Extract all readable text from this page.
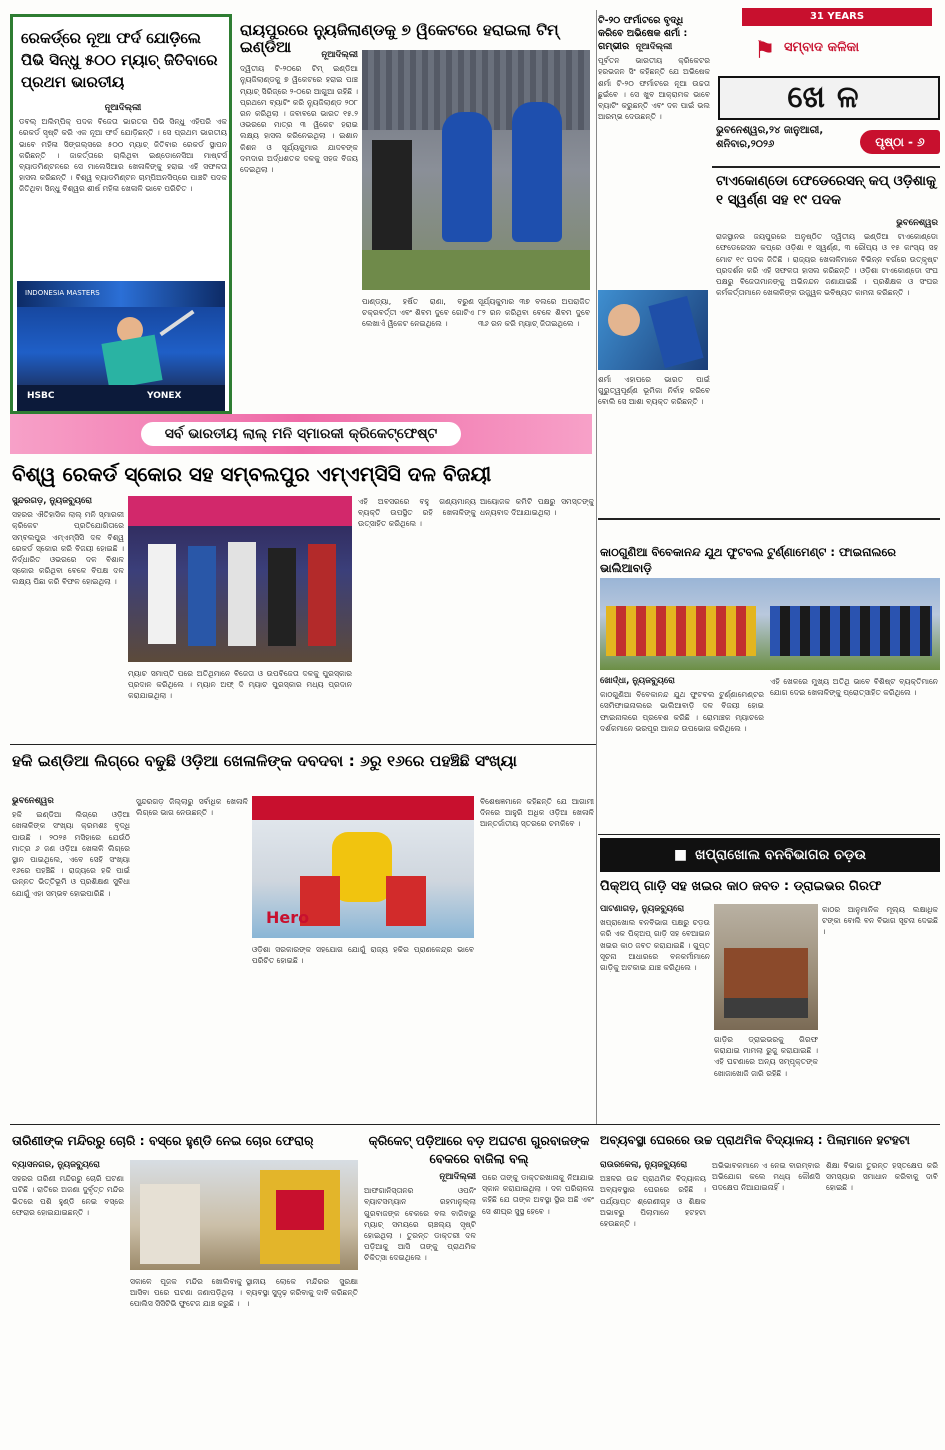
31 YEARS
⚑ ସମ୍ବାଦ କଳିକା
ଖେଳ
ଭୁବନେଶ୍ୱର,୨୪ ଜାନୁଆରୀ,
ଶନିବାର,୨୦୨୬	ପୃଷ୍ଠା - ୬
ରେକର୍ଡ୍ରେ ନୂଆ ଫର୍ଦ ଯୋଡ଼ିଲେ ପିଭି ସିନ୍ଧୁ ୫୦୦ ମ୍ୟାଚ୍ ଜିତିବାରେ ପ୍ରଥମ ଭାରତୀୟ
ନୂଆଦିଲ୍ଲୀ

ଡବଲ୍ ଅଲିମ୍ପିକ୍ ପଦକ ବିଜେତା ଭାରତର ପିଭି ସିନ୍ଧୁ ଏହିପରି ଏକ ରେକର୍ଡ ସୃଷ୍ଟି କରି ଏକ ନୂଆ ଫର୍ଦ ଯୋଡ଼ିଛନ୍ତି । ସେ ପ୍ରଥମ ଭାରତୀୟ ଭାବେ ମହିଳା ସିଙ୍ଗଲ୍ସରେ ୫୦୦ ମ୍ୟାଚ୍ ଜିତିବାର ରେକର୍ଡ ସ୍ଥାପନ କରିଛନ୍ତି । ଜାକର୍ତ୍ତାରେ ଚାଲିଥିବା ଇଣ୍ଡୋନେସିଆ ମାଷ୍ଟର୍ସ ବ୍ୟାଡମିଣ୍ଟନରେ ସେ ମାଲେସିଆର ଖେଳାଳିଙ୍କୁ ହରାଇ ଏହି ସଫଳତା ହାସଲ କରିଛନ୍ତି । ବିଶ୍ୱ ବ୍ୟାଡମିଣ୍ଟନ ଚାମ୍ପିଅନସିପ୍ରେ ପାଞ୍ଚଟି ପଦକ ଜିତିଥିବା ସିନ୍ଧୁ ବିଶ୍ୱର ଶୀର୍ଷ ମହିଳା ଖେଳାଳି ଭାବେ ପରିଚିତ ।

INDONESIA MASTERS
HSBC	YONEX
ରାୟପୁରରେ ନ୍ୟୁଜିଲାଣ୍ଡକୁ ୭ ୱିକେଟରେ ହରାଇଲା ଟିମ୍ ଇଣ୍ଡିଆ	ନୂଆଦିଲ୍ଲୀ

ଦ୍ୱିତୀୟ ଟି-୨୦ରେ ଟିମ୍ ଇଣ୍ଡିଆ ନ୍ୟୁଜିଲାଣ୍ଡକୁ ୭ ୱିକେଟରେ ହରାଇ ପାଞ୍ଚ ମ୍ୟାଚ୍ ସିରିଜ୍ରେ ୨-୦ରେ ଆଗୁଆ ରହିଛି । ପ୍ରଥମେ ବ୍ୟାଟିଂ କରି ନ୍ୟୁଜିଲାଣ୍ଡ ୨୦୮ ରନ କରିଥିଲା । ଜବାବରେ ଭାରତ ୧୫.୨ ଓଭରରେ ମାତ୍ର ୩ ୱିକେଟ ହରାଇ ଲକ୍ଷ୍ୟ ହାସଲ କରିନେଇଥିଲା । ଇଶାନ କିଶନ ଓ ସୂର୍ଯ୍ୟକୁମାର ଯାଦବଙ୍କ ଦମଦାର ଅର୍ଦ୍ଧଶତକ ଦଳକୁ ସହଜ ବିଜୟ ଦେଇଥିଲା ।

ପାଣ୍ଡ୍ୟା, ହର୍ଷିତ ରାଣା, ବରୁଣ ଚକ୍ରବର୍ତ୍ତୀ ଏବଂ ଶିବମ ଦୁବେ ଗୋଟିଏ ଲେଖାଏଁ ୱିକେଟ ନେଇଥିଲେ ।

ସୂର୍ଯ୍ୟକୁମାର ୩୭ ବଲରେ ଅପରାଜିତ ୮୨ ରନ କରିଥିବା ବେଳେ ଶିବମ ଦୁବେ ୩୬ ରନ କରି ମ୍ୟାଚ୍ ଜିତାଇଥିଲେ ।

ଟି-୨୦ ଫର୍ମାଟରେ ବୃଦ୍ଧି କରିବେ ଅଭିଷେକ ଶର୍ମା : ଗମ୍ଭୀର ନୂଆଦିଲ୍ଲୀ

ପୂର୍ବତନ ଭାରତୀୟ କ୍ରିକେଟର ହରଭଜନ ସିଂ କହିଛନ୍ତି ଯେ ଅଭିଷେକ ଶର୍ମା ଟି-୨୦ ଫର୍ମାଟରେ ନୂଆ ଉଚ୍ଚତା ଛୁଇଁବେ । ସେ ଖୁବ ଆକ୍ରାମକ ଭାବେ ବ୍ୟାଟିଂ କରୁଛନ୍ତି ଏବଂ ଦଳ ପାଇଁ ଭଲ ଆରମ୍ଭ ଦେଉଛନ୍ତି ।

ଶର୍ମା ଏହାପରେ ଭାରତ ପାଇଁ ଗୁରୁତ୍ୱପୂର୍ଣ୍ଣ ଭୂମିକା ନିର୍ବାହ କରିବେ ବୋଲି ସେ ଆଶା ବ୍ୟକ୍ତ କରିଛନ୍ତି ।

ଟାଏକୋଣ୍ଡୋ ଫେଡେରେସନ୍ କପ୍ ଓଡ଼ିଶାକୁ ୧ ସ୍ୱର୍ଣ୍ଣ ସହ ୧୯ ପଦକ
ଭୁବନେଶ୍ୱର

ରାଜସ୍ଥାନର ଜୟପୁରରେ ଅନୁଷ୍ଠିତ ଦ୍ୱିତୀୟ ଇଣ୍ଡିଆ ଟାଏକୋଣ୍ଡୋ ଫେଡେରେସନ କପ୍ରେ ଓଡ଼ିଶା ୧ ସ୍ୱର୍ଣ୍ଣ, ୩ ରୌପ୍ୟ ଓ ୧୫ କାଂସ୍ୟ ସହ ମୋଟ ୧୯ ପଦକ ଜିତିଛି । ରାଜ୍ୟର ଖେଳାଳିମାନେ ବିଭିନ୍ନ ବର୍ଗରେ ଉତ୍କୃଷ୍ଟ ପ୍ରଦର୍ଶନ କରି ଏହି ସଫଳତା ହାସଲ କରିଛନ୍ତି । ଓଡ଼ିଶା ଟାଏକୋଣ୍ଡୋ ସଂଘ ପକ୍ଷରୁ ବିଜେତାମାନଙ୍କୁ ଅଭିନନ୍ଦନ ଜଣାଯାଇଛି । ପ୍ରଶିକ୍ଷକ ଓ ସଂଘର କର୍ମକର୍ତ୍ତାମାନେ ଖେଳାଳିଙ୍କ ଉଜ୍ଜ୍ୱଳ ଭବିଷ୍ୟତ କାମନା କରିଛନ୍ତି ।

ସର୍ବ ଭାରତୀୟ ଲାଲ୍ ମନି ସ୍ମାରକୀ କ୍ରିକେଟ୍ଫେଷ୍ଟ
ବିଶ୍ୱ ରେକର୍ଡ ସ୍କୋର ସହ ସମ୍ବଲପୁର ଏମ୍ଏମ୍ସିସି ଦଳ ବିଜୟୀ
ସୁନ୍ଦରଗଡ଼, ନ୍ୟୁଜବ୍ୟୁରୋ

ସହରର ଐତିହାସିକ ଲାଲ୍ ମନି ସ୍ମାରକୀ କ୍ରିକେଟ ପ୍ରତିଯୋଗିତାରେ ସମ୍ବଲପୁର ଏମ୍ଏମ୍ସିସି ଦଳ ବିଶ୍ୱ ରେକର୍ଡ ସ୍କୋର କରି ବିଜୟୀ ହୋଇଛି । ନିର୍ଦ୍ଧାରିତ ଓଭରରେ ଦଳ ବିଶାଳ ସ୍କୋର କରିଥିବା ବେଳେ ବିପକ୍ଷ ଦଳ ଲକ୍ଷ୍ୟ ପିଛା କରି ବିଫଳ ହୋଇଥିଲା ।

ମ୍ୟାଚ ସମାପ୍ତି ପରେ ଅତିଥିମାନେ ବିଜେତା ଓ ଉପବିଜେତା ଦଳକୁ ପୁରସ୍କାର ପ୍ରଦାନ କରିଥିଲେ । ମ୍ୟାନ ଅଫ୍ ଦି ମ୍ୟାଚ ପୁରସ୍କାର ମଧ୍ୟ ପ୍ରଦାନ କରାଯାଇଥିଲା ।

ଏହି ଅବସରରେ ବହୁ ଗଣ୍ୟମାନ୍ୟ ବ୍ୟକ୍ତି ଉପସ୍ଥିତ ରହି ଖେଳାଳିଙ୍କୁ ଉତ୍ସାହିତ କରିଥିଲେ ।

ଆୟୋଜକ କମିଟି ପକ୍ଷରୁ ସମସ୍ତଙ୍କୁ ଧନ୍ୟବାଦ ଦିଆଯାଇଥିଲା ।

କାଠଗୁଣିଆ ବିବେକାନନ୍ଦ ଯୁଥ ଫୁଟବଲ ଟୁର୍ଣ୍ଣାମେଣ୍ଟ : ଫାଇନାଲରେ ଭାଲିଆବାଡ଼ି
ଖୋର୍ଦ୍ଧା, ନ୍ୟୁଜବ୍ୟୁରୋ

କାଠଗୁଣିଆ ବିବେକାନନ୍ଦ ଯୁଥ ଫୁଟବଲ ଟୁର୍ଣ୍ଣାମେଣ୍ଟର ସେମିଫାଇନାଲରେ ଭାଲିଆବାଡ଼ି ଦଳ ବିଜୟୀ ହୋଇ ଫାଇନାଲରେ ପ୍ରବେଶ କରିଛି । ରୋମାଞ୍ଚକ ମ୍ୟାଚରେ ଦର୍ଶକମାନେ ଭରପୂର ଆନନ୍ଦ ଉପଭୋଗ କରିଥିଲେ ।

ଏହି ଖେଳରେ ମୁଖ୍ୟ ଅତିଥି ଭାବେ ବିଶିଷ୍ଟ ବ୍ୟକ୍ତିମାନେ ଯୋଗ ଦେଇ ଖେଳାଳିଙ୍କୁ ପ୍ରୋତ୍ସାହିତ କରିଥିଲେ ।

ହକି ଇଣ୍ଡିଆ ଲିଗ୍ରେ ବଢୁଛି ଓଡ଼ିଆ ଖେଳାଳିଙ୍କ ଦବଦବା : ୬ରୁ ୧୬ରେ ପହଞ୍ଚିଛି ସଂଖ୍ୟା
ଭୁବନେଶ୍ୱର

ହକି ଇଣ୍ଡିଆ ଲିଗ୍ରେ ଓଡ଼ିଆ ଖେଳାଳିଙ୍କ ସଂଖ୍ୟା କ୍ରମଶଃ ବୃଦ୍ଧି ପାଉଛି । ୨୦୨୫ ମସିହାରେ ଯେଉଁଠି ମାତ୍ର ୬ ଜଣ ଓଡ଼ିଆ ଖେଳାଳି ଲିଗ୍ରେ ସ୍ଥାନ ପାଇଥିଲେ, ଏବେ ସେହି ସଂଖ୍ୟା ୧୬ରେ ପହଞ୍ଚିଛି । ରାଜ୍ୟରେ ହକି ପାଇଁ ଉନ୍ନତ ଭିତ୍ତିଭୂମି ଓ ପ୍ରଶିକ୍ଷଣ ସୁବିଧା ଯୋଗୁଁ ଏହା ସମ୍ଭବ ହୋଇପାରିଛି ।

ସୁନ୍ଦରଗଡ଼ ଜିଲ୍ଲାରୁ ସର୍ବାଧିକ ଖେଳାଳି ଲିଗ୍ରେ ଭାଗ ନେଉଛନ୍ତି ।

Hero

ଓଡ଼ିଶା ସରକାରଙ୍କ ସହଯୋଗ ଯୋଗୁଁ ରାଜ୍ୟ ହକିର ପ୍ରାଣକେନ୍ଦ୍ର ଭାବେ ପରିଚିତ ହୋଇଛି ।

ବିଶେଷଜ୍ଞମାନେ କହିଛନ୍ତି ଯେ ଆଗାମୀ ଦିନରେ ଆହୁରି ଅଧିକ ଓଡ଼ିଆ ଖେଳାଳି ଆନ୍ତର୍ଜାତୀୟ ସ୍ତରରେ ଚମକିବେ ।

■ ଖପ୍ରାଖୋଲ ବନବିଭାଗର ଚଡ଼ଉ
ପିକ୍ଅପ୍ ଗାଡ଼ି ସହ ଖଇର କାଠ ଜବତ : ଡ୍ରାଇଭର ଗିରଫ
ପାଟଣାଗଡ଼, ନ୍ୟୁଜବ୍ୟୁରୋ

ଖପ୍ରାଖୋଲ ବନବିଭାଗ ପକ୍ଷରୁ ଚଡ଼ଉ କରି ଏକ ପିକ୍ଅପ୍ ଗାଡ଼ି ସହ ବେଆଇନ ଖଇର କାଠ ଜବତ କରାଯାଇଛି । ଗୁପ୍ତ ସୂଚନା ଆଧାରରେ ବନକର୍ମୀମାନେ ଗାଡ଼ିକୁ ଅଟକାଇ ଯାଞ୍ଚ କରିଥିଲେ ।

ଗାଡ଼ିର ଡ୍ରାଇଭରକୁ ଗିରଫ କରାଯାଇ ମାମଲା ରୁଜୁ କରାଯାଇଛି । ଏହି ଘଟଣାରେ ଅନ୍ୟ ସମ୍ପୃକ୍ତଙ୍କ ଖୋଜାଖୋଜି ଜାରି ରହିଛି ।

କାଠର ଆନୁମାନିକ ମୂଲ୍ୟ ଲକ୍ଷାଧିକ ଟଙ୍କା ବୋଲି ବନ ବିଭାଗ ସୂଚନା ଦେଇଛି ।

ତାରିଣୀଙ୍କ ମନ୍ଦିରରୁ ଚୋରି : ବସ୍ରେ ହୁଣ୍ଡି ନେଇ ଚୋର ଫେରାର୍
ବ୍ୟାସନଗର, ନ୍ୟୁଜବ୍ୟୁରୋ

ସହରର ତାରିଣୀ ମନ୍ଦିରରୁ ଚୋରି ଘଟଣା ଘଟିଛି । ରାତିରେ ଅଜଣା ଦୁର୍ବୃତ୍ତ ମନ୍ଦିର ଭିତରେ ପଶି ହୁଣ୍ଡି ନେଇ ବସ୍ରେ ଫେରାର ହୋଇଯାଇଛନ୍ତି ।

ସକାଳେ ପୂଜକ ମନ୍ଦିର ଖୋଲିବାକୁ ଆସିବା ପରେ ଘଟଣା ଜଣାପଡ଼ିଥିଲା । ପୋଲିସ ସିସିଟିଭି ଫୁଟେଜ ଯାଞ୍ଚ କରୁଛି ।

ସ୍ଥାନୀୟ ଲୋକେ ମନ୍ଦିରର ସୁରକ୍ଷା ବ୍ୟବସ୍ଥା ସୁଦୃଢ଼ କରିବାକୁ ଦାବି କରିଛନ୍ତି ।

କ୍ରିକେଟ୍ ପଡ଼ିଆରେ ବଡ଼ ଅଘଟଣ ଗୁରବାଜଙ୍କ ବେକରେ ବାଜିଲା ବଲ୍
ନୂଆଦିଲ୍ଲୀ

ଆଫଗାନିସ୍ତାନର ଓପନିଂ ବ୍ୟାଟସମ୍ୟାନ ରହମାନୁଲ୍ଲା ଗୁରବାଜଙ୍କ ବେକରେ ବଲ ବାଜିବାରୁ ମ୍ୟାଚ୍ ସମୟରେ ଚାଞ୍ଚଲ୍ୟ ସୃଷ୍ଟି ହୋଇଥିଲା । ତୁରନ୍ତ ଡାକ୍ତରୀ ଦଳ ପଡ଼ିଆକୁ ଆସି ତାଙ୍କୁ ପ୍ରାଥମିକ ଚିକିତ୍ସା ଦେଇଥିଲେ ।

ପରେ ତାଙ୍କୁ ଡାକ୍ତରଖାନାକୁ ନିଆଯାଇ ସ୍କାନ କରାଯାଇଥିଲା । ଦଳ ପରିଚାଳନା କହିଛି ଯେ ତାଙ୍କ ଅବସ୍ଥା ସ୍ଥିର ଅଛି ଏବଂ ସେ ଶୀଘ୍ର ସୁସ୍ଥ ହେବେ ।

ଅବ୍ୟବସ୍ଥା ଘେରରେ ଉଚ୍ଚ ପ୍ରାଥମିକ ବିଦ୍ୟାଳୟ : ପିଲାମାନେ ହଟହଟା
ରାଉରକେଲା, ନ୍ୟୁଜବ୍ୟୁରୋ

ଅଞ୍ଚଳର ଉଚ୍ଚ ପ୍ରାଥମିକ ବିଦ୍ୟାଳୟ ଅବ୍ୟବସ୍ଥାର ଘେରରେ ରହିଛି । ପର୍ଯ୍ୟାପ୍ତ ଶ୍ରେଣୀଗୃହ ଓ ଶିକ୍ଷକ ଅଭାବରୁ ପିଲାମାନେ ହଟହଟା ହେଉଛନ୍ତି ।

ଅଭିଭାବକମାନେ ଏ ନେଇ ବାରମ୍ବାର ଅଭିଯୋଗ କଲେ ମଧ୍ୟ କୌଣସି ପଦକ୍ଷେପ ନିଆଯାଇନାହିଁ ।

ଶିକ୍ଷା ବିଭାଗ ତୁରନ୍ତ ହସ୍ତକ୍ଷେପ କରି ସମସ୍ୟାର ସମାଧାନ କରିବାକୁ ଦାବି ହୋଇଛି ।
